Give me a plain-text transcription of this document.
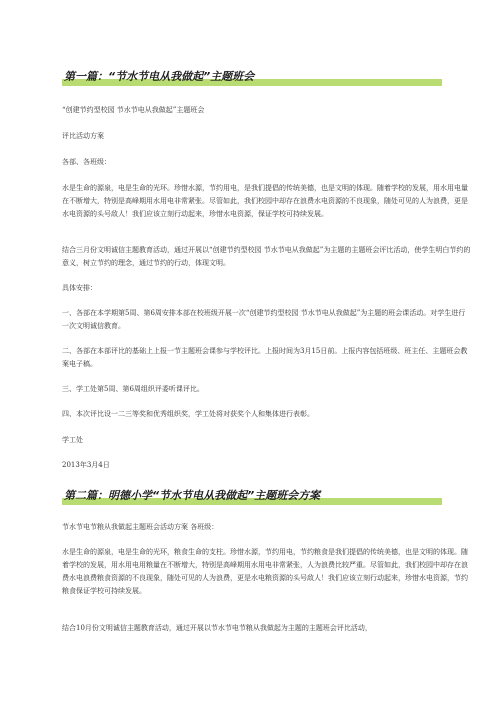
第一篇：“节水节电从我做起”主题班会

“创建节约型校园 节水节电从我做起”主题班会

评比活动方案

各部、各班级：

水是生命的源泉，电是生命的光环。珍惜水源，节约用电，是我们提倡的传统美德，也是文明的体现。随着学校的发展，用水用电量在不断增大，特别是高峰期用水用电非常紧张。尽管如此，我们校园中却存在浪费水电资源的不良现象，随处可见的人为浪费，更是水电资源的头号敌人！我们应该立刻行动起来，珍惜水电资源，保证学校可持续发展。

结合三月份文明诚信主题教育活动，通过开展以“创建节约型校园 节水节电从我做起”为主题的主题班会评比活动，使学生明白节约的意义，树立节约的理念，通过节约的行动，体现文明。

具体安排：

一、各部在本学期第5周、第6周安排本部在校班级开展一次“创建节约型校园 节水节电从我做起”为主题的班会课活动。对学生进行一次文明诚信教育。

二、各部在本部评比的基础上上报一节主题班会课参与学校评比。上报时间为3月15日前。上报内容包括班级、班主任、主题班会教案电子稿。

三、学工处第5周、第6周组织评委听课评比。

四、本次评比设一二三等奖和优秀组织奖，学工处将对获奖个人和集体进行表彰。

学工处

2013年3月4日

第二篇：明德小学“节水节电从我做起”主题班会方案

节水节电节粮从我做起主题班会活动方案 各班级：

水是生命的源泉，电是生命的光环，粮食生命的支柱。珍惜水源，节约用电，节约粮食是我们提倡的传统美德，也是文明的体现。随着学校的发展，用水用电用粮量在不断增大，特别是高峰期用水用电非常紧张，人为浪费比较严重。尽管如此，我们校园中却存在浪费水电浪费粮食资源的不良现象，随处可见的人为浪费，更是水电粮资源的头号敌人！我们应该立刻行动起来，珍惜水电资源，节约粮食保证学校可持续发展。

结合10月份文明诚信主题教育活动，通过开展以节水节电节粮从我做起为主题的主题班会评比活动，
